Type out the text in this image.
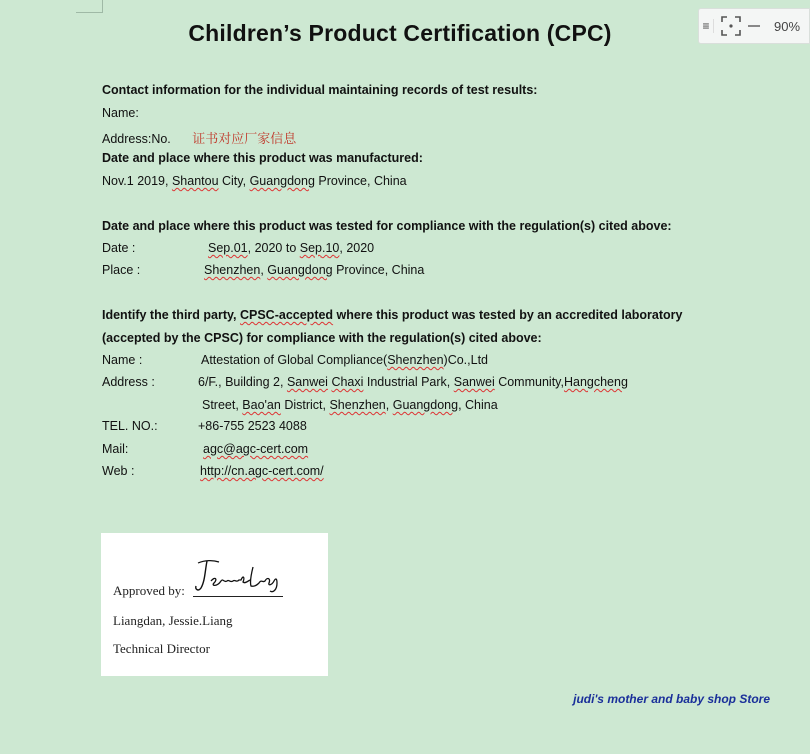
≡	90%
Children’s Product Certification (CPC)
Contact information for the individual maintaining records of test results:
Name:
Address:No. 证书对应厂家信息
Date and place where this product was manufactured:
Nov.1 2019, Shantou City, Guangdong Province, China
Date and place where this product was tested for compliance with the regulation(s) cited above:
Date :	Sep.01, 2020 to Sep.10, 2020
Place :	Shenzhen, Guangdong Province, China
Identify the third party, CPSC-accepted where this product was tested by an accredited laboratory
(accepted by the CPSC) for compliance with the regulation(s) cited above:
Name :	Attestation of Global Compliance(Shenzhen)Co.,Ltd
Address :	6/F., Building 2, Sanwei Chaxi Industrial Park, Sanwei Community,Hangcheng
Street, Bao'an District, Shenzhen, Guangdong, China
TEL. NO.:	+86-755 2523 4088
Mail:	agc@agc-cert.com
Web :	http://cn.agc-cert.com/
Approved by:
Jessie.Liang
Liangdan, Jessie.Liang
Technical Director
judi's mother and baby shop Store
